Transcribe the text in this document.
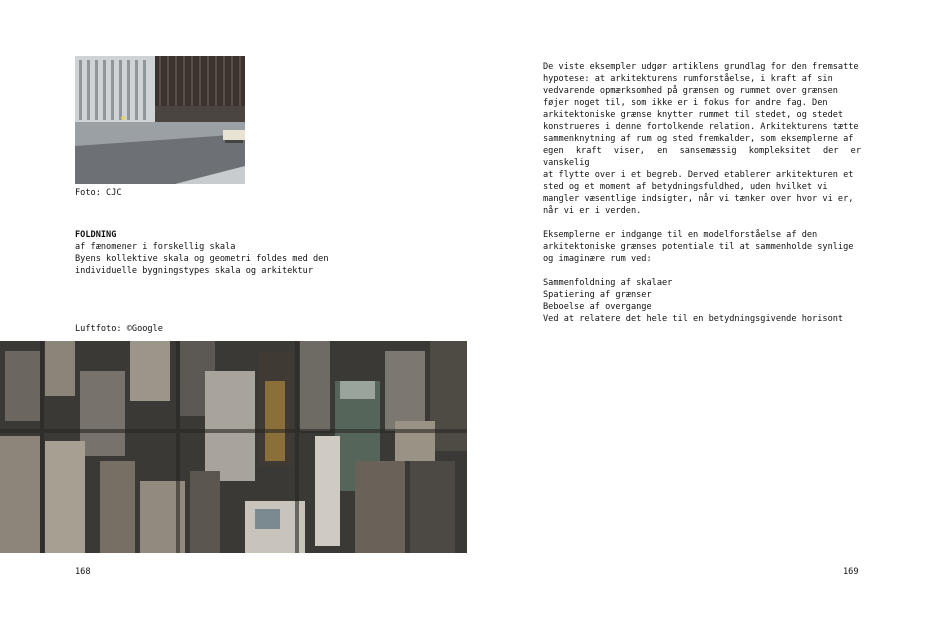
Foto: CJC
FOLDNING
af fænomener i forskellig skala
Byens kollektive skala og geometri foldes med den
individuelle bygningstypes skala og arkitektur
Luftfoto: ©Google
168

De viste eksempler udgør artiklens grundlag for den fremsatte

hypotese: at arkitekturens rumforståelse, i kraft af sin

vedvarende opmærksomhed på grænsen og rummet over grænsen

føjer noget til, som ikke er i fokus for andre fag. Den

arkitektoniske grænse knytter rummet til stedet, og stedet

konstrueres i denne fortolkende relation. Arkitekturens tætte

sammenknytning af rum og sted fremkalder, som eksemplerne af

egen kraft viser, en sansemæssig kompleksitet der er vanskelig

at flytte over i et begreb. Derved etablerer arkitekturen et

sted og et moment af betydningsfuldhed, uden hvilket vi

mangler væsentlige indsigter, når vi tænker over hvor vi er,

når vi er i verden.

Eksemplerne er indgange til en modelforståelse af den

arkitektoniske grænses potentiale til at sammenholde synlige

og imaginære rum ved:

Sammenfoldning af skalaer
Spatiering af grænser
Beboelse af overgange
Ved at relatere det hele til en betydningsgivende horisont
169
